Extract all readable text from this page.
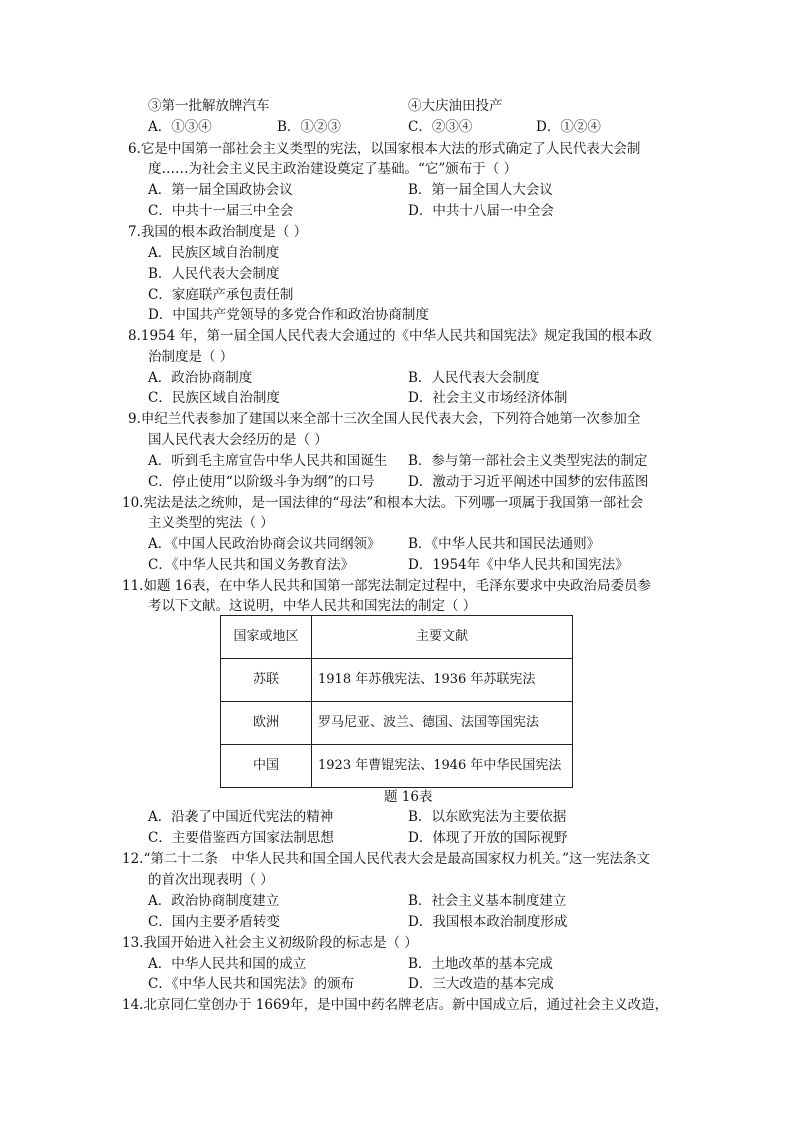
③第一批解放牌汽车	④大庆油田投产
A．①③④	B．①②③	C．②③④	D．①②④
6.它是中国第一部社会主义类型的宪法，以国家根本大法的形式确定了人民代表大会制
度……为社会主义民主政治建设奠定了基础。“它”颁布于（ ）
A．第一届全国政协会议	B．第一届全国人大会议
C．中共十一届三中全会	D．中共十八届一中全会
7.我国的根本政治制度是（ ）
A．民族区域自治制度
B．人民代表大会制度
C．家庭联产承包责任制
D．中国共产党领导的多党合作和政治协商制度
8.1954 年，第一届全国人民代表大会通过的《中华人民共和国宪法》规定我国的根本政
治制度是（ ）
A．政治协商制度	B．人民代表大会制度
C．民族区域自治制度	D．社会主义市场经济体制
9.申纪兰代表参加了建国以来全部十三次全国人民代表大会，下列符合她第一次参加全
国人民代表大会经历的是（ ）
A．听到毛主席宣告中华人民共和国诞生 B．参与第一部社会主义类型宪法的制定
C．停止使用“以阶级斗争为纲”的口号 D．激动于习近平阐述中国梦的宏伟蓝图
10.宪法是法之统帅，是一国法律的“母法”和根本大法。下列哪一项属于我国第一部社会
主义类型的宪法（ ）
A．《中国人民政治协商会议共同纲领》 B．《中华人民共和国民法通则》
C．《中华人民共和国义务教育法》	D．1954年《中华人民共和国宪法》
11.如题 16表，在中华人民共和国第一部宪法制定过程中，毛泽东要求中央政治局委员参
考以下文献。这说明，中华人民共和国宪法的制定（ ）
国家或地区	主要文献
苏联	1918 年苏俄宪法、1936 年苏联宪法
欧洲	罗马尼亚、波兰、德国、法国等国宪法
中国	1923 年曹锟宪法、1946 年中华民国宪法
题 16表
A．沿袭了中国近代宪法的精神	B．以东欧宪法为主要依据
C．主要借鉴西方国家法制思想	D．体现了开放的国际视野
12.“第二十二条　中华人民共和国全国人民代表大会是最高国家权力机关。”这一宪法条文
的首次出现表明（ ）
A．政治协商制度建立	B．社会主义基本制度建立
C．国内主要矛盾转变	D．我国根本政治制度形成
13.我国开始进入社会主义初级阶段的标志是（ ）
A．中华人民共和国的成立	B．土地改革的基本完成
C．《中华人民共和国宪法》的颁布	D．三大改造的基本完成
14.北京同仁堂创办于 1669年，是中国中药名牌老店。新中国成立后，通过社会主义改造，
